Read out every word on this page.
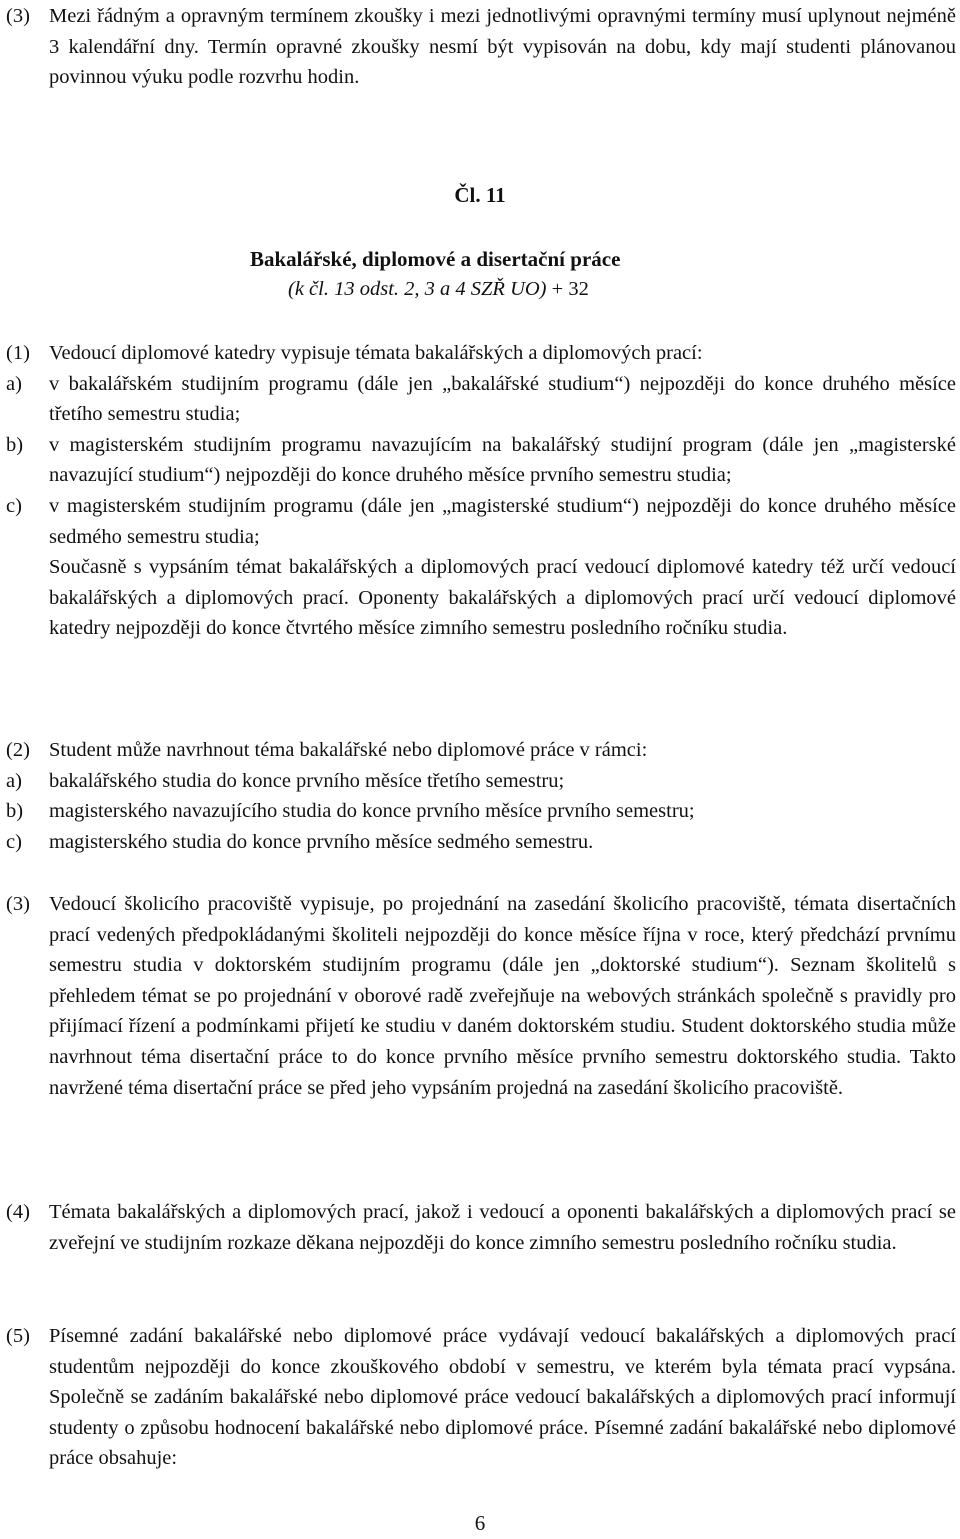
(3) Mezi řádným a opravným termínem zkoušky i mezi jednotlivými opravnými termíny musí uplynout nejméně 3 kalendářní dny. Termín opravné zkoušky nesmí být vypisován na dobu, kdy mají studenti plánovanou povinnou výuku podle rozvrhu hodin.
Čl. 11
Bakalářské, diplomové a disertační práce
(k čl. 13 odst. 2, 3 a 4 SZŘ UO) + 32
(1) Vedoucí diplomové katedry vypisuje témata bakalářských a diplomových prací:
a)	v bakalářském studijním programu (dále jen „bakalářské studium“) nejpozději do konce druhého měsíce třetího semestru studia;
b)	v magisterském studijním programu navazujícím na bakalářský studijní program (dále jen „magisterské navazující studium“) nejpozději do konce druhého měsíce prvního semestru studia;
c)	v magisterském studijním programu (dále jen „magisterské studium“) nejpozději do konce druhého měsíce sedmého semestru studia;
Současně s vypsáním témat bakalářských a diplomových prací vedoucí diplomové katedry též určí vedoucí bakalářských a diplomových prací. Oponenty bakalářských a diplomových prací určí vedoucí diplomové katedry nejpozději do konce čtvrtého měsíce zimního semestru posledního ročníku studia.
(2) Student může navrhnout téma bakalářské nebo diplomové práce v rámci:
a)	bakalářského studia do konce prvního měsíce třetího semestru;
b)	magisterského navazujícího studia do konce prvního měsíce prvního semestru;
c)	magisterského studia do konce prvního měsíce sedmého semestru.
(3) Vedoucí školicího pracoviště vypisuje, po projednání na zasedání školicího pracoviště, témata disertačních prací vedených předpokládanými školiteli nejpozději do konce měsíce října v roce, který předchází prvnímu semestru studia v doktorském studijním programu (dále jen „doktorské studium“). Seznam školitelů s přehledem témat se po projednání v oborové radě zveřejňuje na webových stránkách společně s pravidly pro přijímací řízení a podmínkami přijetí ke studiu v daném doktorském studiu. Student doktorského studia může navrhnout téma disertační práce to do konce prvního měsíce prvního semestru doktorského studia. Takto navržené téma disertační práce se před jeho vypsáním projedná na zasedání školicího pracoviště.
(4) Témata bakalářských a diplomových prací, jakož i vedoucí a oponenti bakalářských a diplomových prací se zveřejní ve studijním rozkaze děkana nejpozději do konce zimního semestru posledního ročníku studia.
(5) Písemné zadání bakalářské nebo diplomové práce vydávají vedoucí bakalářských a diplomových prací studentům nejpozději do konce zkouškového období v semestru, ve kterém byla témata prací vypsána. Společně se zadáním bakalářské nebo diplomové práce vedoucí bakalářských a diplomových prací informují studenty o způsobu hodnocení bakalářské nebo diplomové práce. Písemné zadání bakalářské nebo diplomové práce obsahuje:
6
